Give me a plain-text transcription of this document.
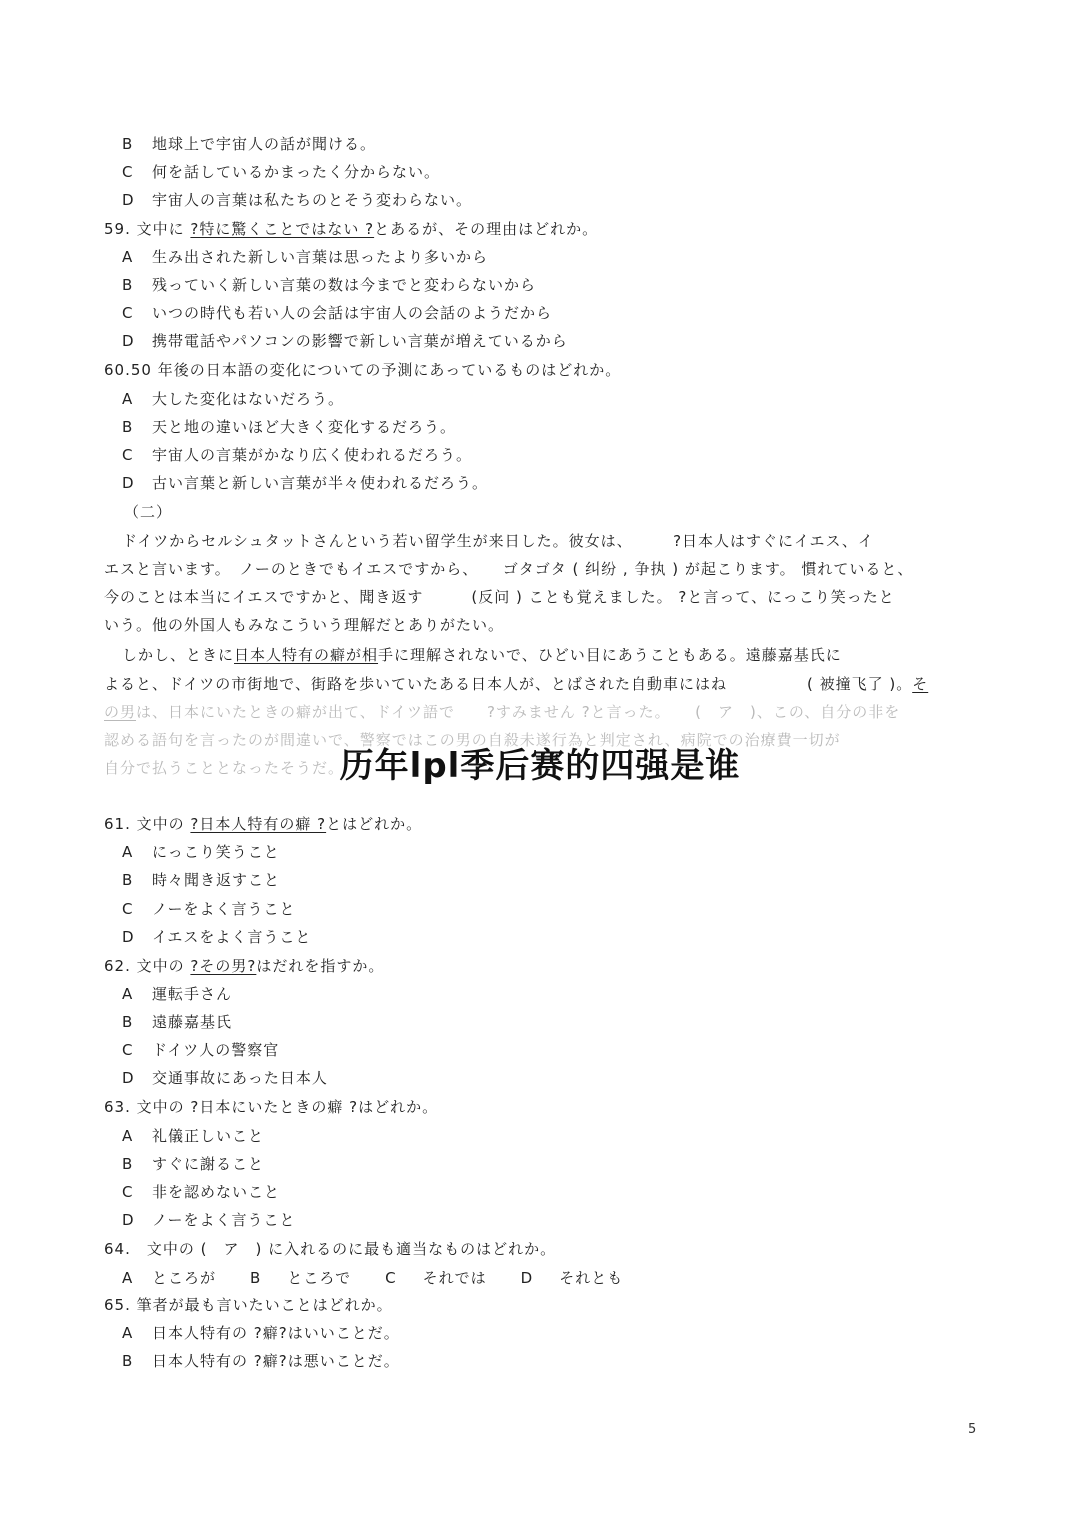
B 地球上で宇宙人の話が聞ける。
C 何を話しているかまったく分からない。
D 宇宙人の言葉は私たちのとそう変わらない。
59. 文中に ?特に驚くことではない ?とあるが、その理由はどれか。
A 生み出された新しい言葉は思ったより多いから
B 残っていく新しい言葉の数は今までと変わらないから
C いつの時代も若い人の会話は宇宙人の会話のようだから
D 携帯電話やパソコンの影響で新しい言葉が増えているから
60.50 年後の日本語の変化についての予測にあっているものはどれか。
A 大した変化はないだろう。
B 天と地の違いほど大きく変化するだろう。
C 宇宙人の言葉がかなり広く使われるだろう。
D 古い言葉と新しい言葉が半々使われるだろう。
（二）
ドイツからセルシュタットさんという若い留学生が来日した。彼女は、　　　?日本人はすぐにイエス、イ
エスと言います。　ノーのときでもイエスですから、　　ゴタゴタ ( 纠纷 , 争执 ) が起こります。 慣れていると、
今のことは本当にイエスですかと、聞き返す　　　(反问 ) ことも覚えました。 ?と言って、にっこり笑ったと
いう。他の外国人もみなこういう理解だとありがたい。
しかし、ときに日本人特有の癖が相手に理解されないで、ひどい目にあうこともある。遠藤嘉基氏に
よると、ドイツの市街地で、街路を歩いていたある日本人が、とばされた自動車にはね　　　　　( 被撞飞了 )。そ
の男は、日本にいたときの癖が出て、ドイツ語で　　?すみません ?と言った。　　(　ア　)、この、自分の非を
認める語句を言ったのが間違いで、警察ではこの男の自殺未遂行為と判定され、病院での治療費一切が
自分で払うこととなったそうだ。
61. 文中の ?日本人特有の癖 ?とはどれか。
A にっこり笑うこと
B 時々聞き返すこと
C ノーをよく言うこと
D イエスをよく言うこと
62. 文中の ?その男?はだれを指すか。
A 運転手さん
B 遠藤嘉基氏
C ドイツ人の警察官
D 交通事故にあった日本人
63. 文中の ?日本にいたときの癖 ?はどれか。
A 礼儀正しいこと
B すぐに謝ること
C 非を認めないこと
D ノーをよく言うこと
64.　文中の (　ア　) に入れるのに最も適当なものはどれか。
A ところが B ところで C それでは D それとも
65. 筆者が最も言いたいことはどれか。
A 日本人特有の ?癖?はいいことだ。
B 日本人特有の ?癖?は悪いことだ。
5
历年lpl季后赛的四强是谁
